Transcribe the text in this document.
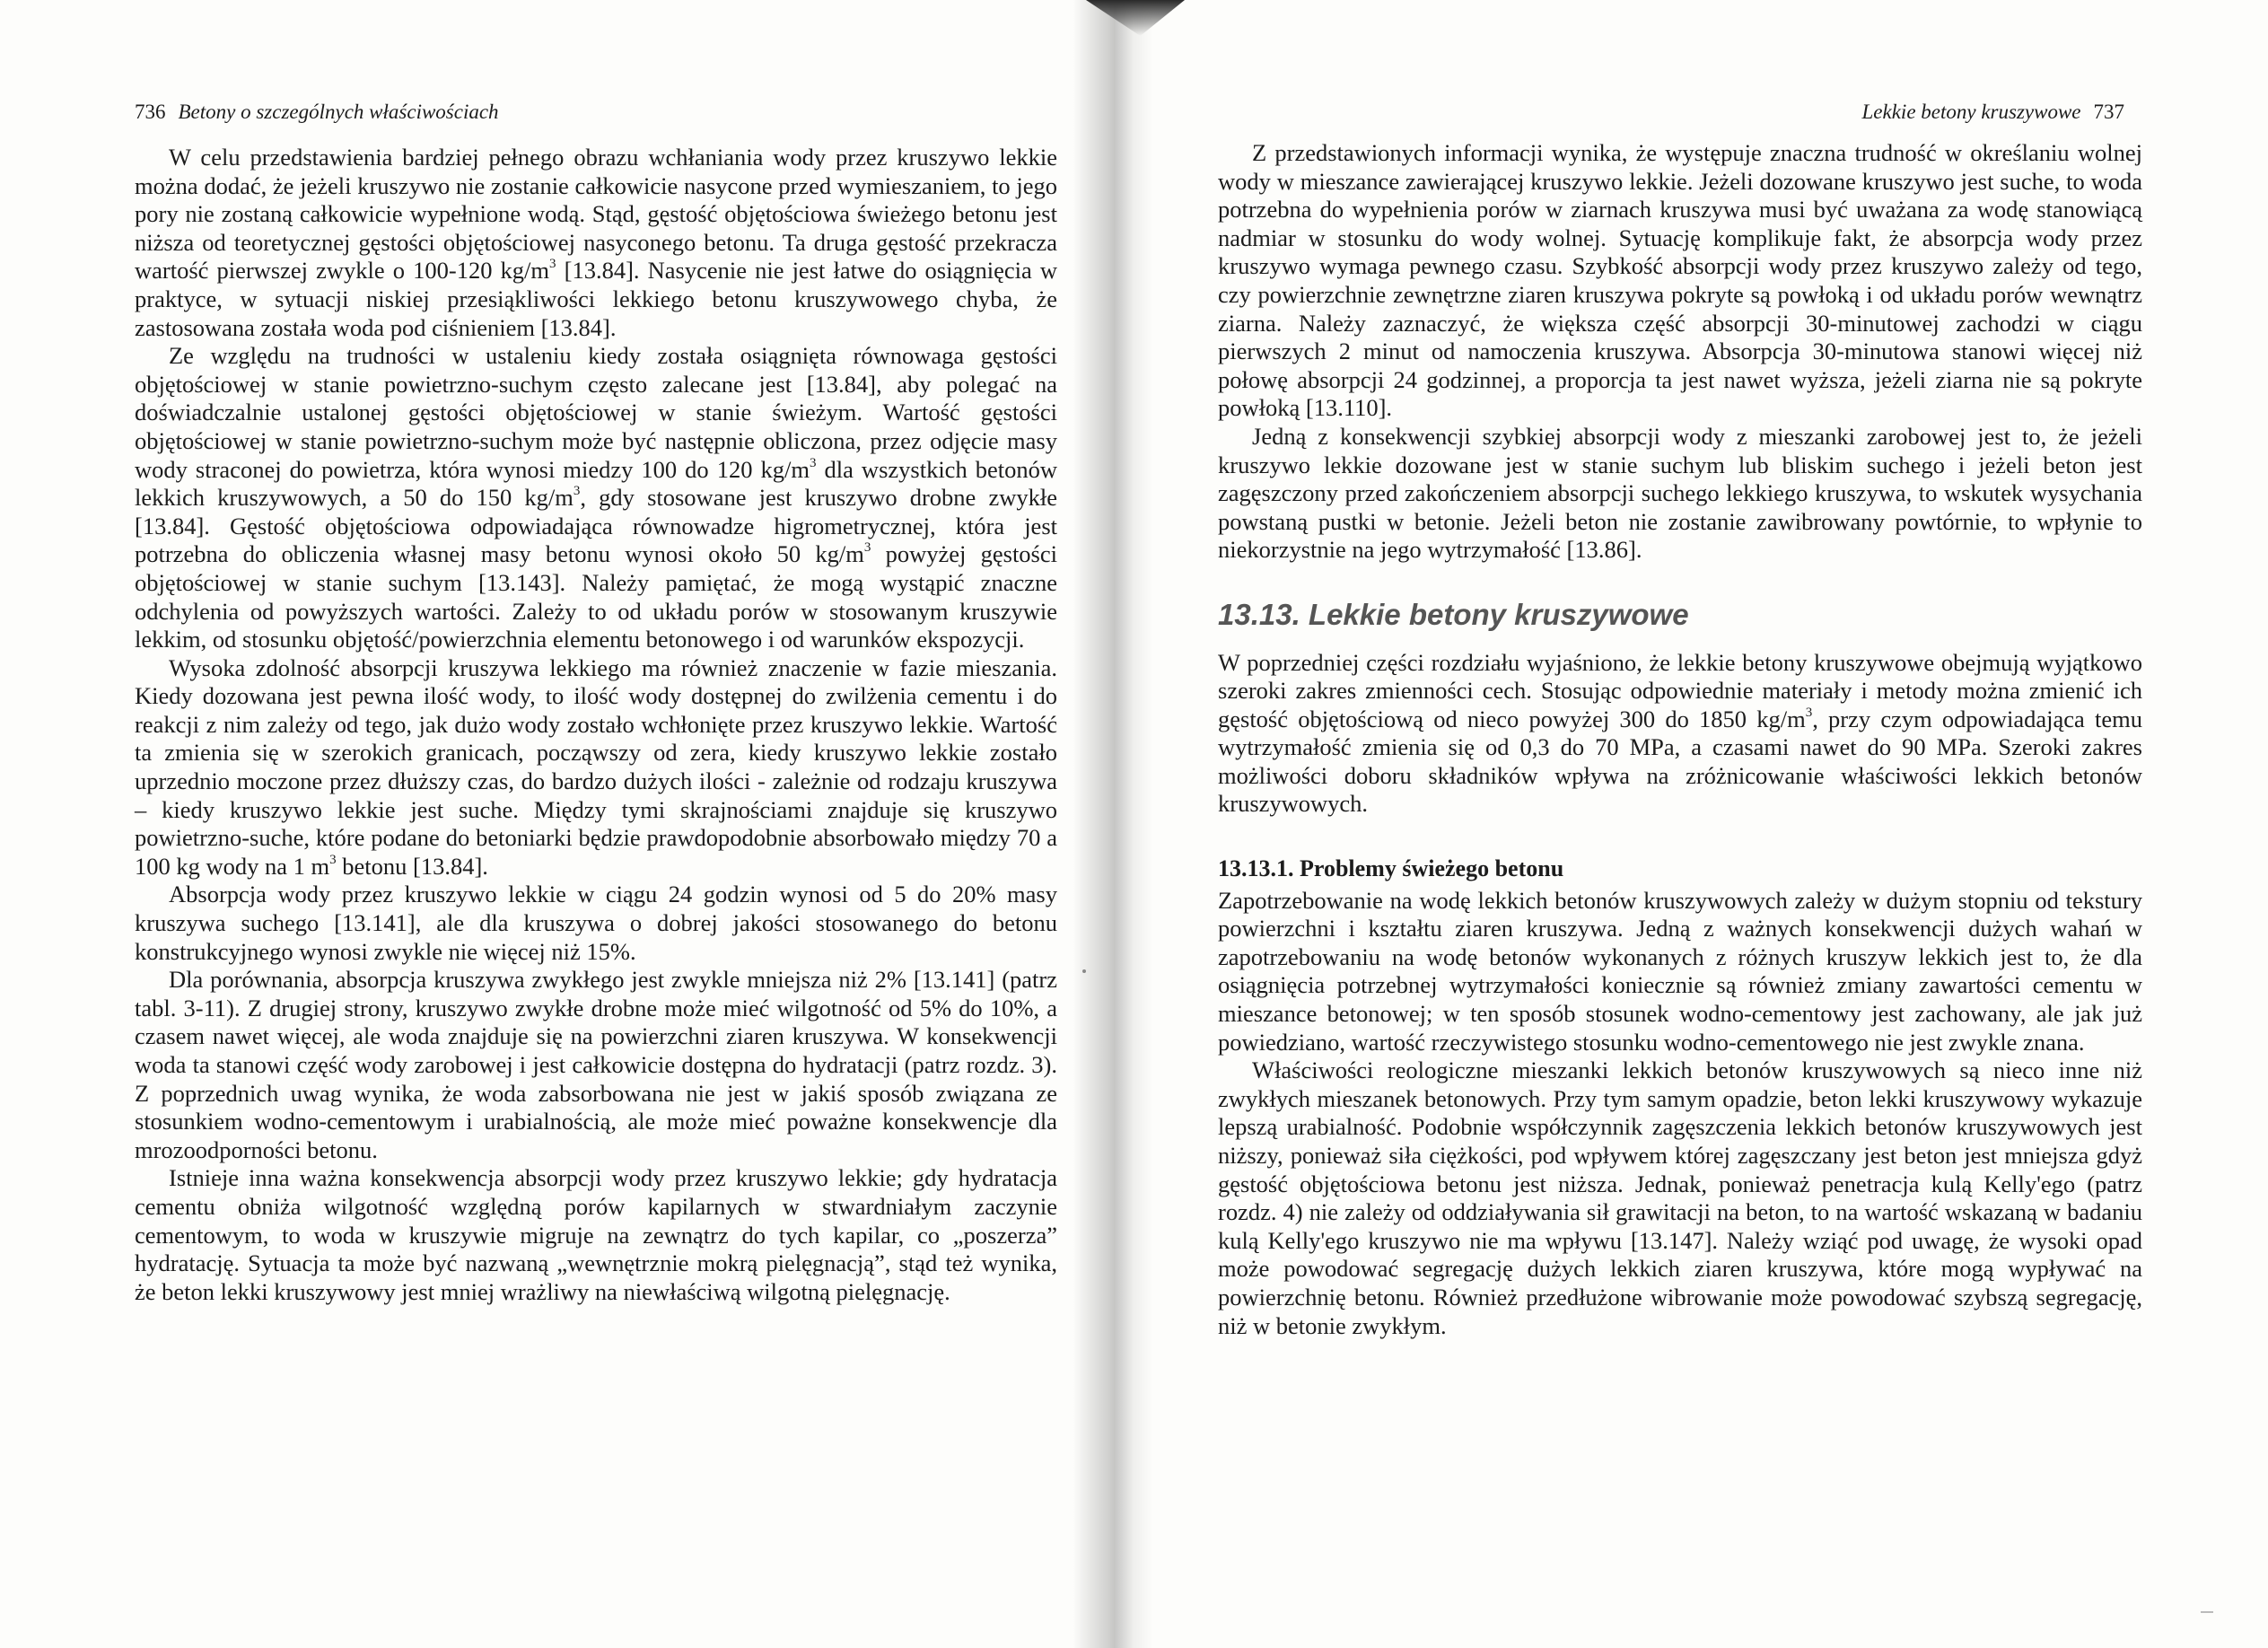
736 Betony o szczególnych właściwościach

W celu przedstawienia bardziej pełnego obrazu wchłaniania wody przez kruszywo lekkie można dodać, że jeżeli kruszywo nie zostanie całkowicie nasycone przed wymieszaniem, to jego pory nie zostaną całkowicie wypełnione wodą. Stąd, gęstość objętościowa świeżego betonu jest niższa od teoretycznej gęstości objętościowej nasyconego betonu. Ta druga gęstość przekracza wartość pierwszej zwykle o 100-120 $kg/m^3$ [13.84]. Nasycenie nie jest łatwe do osiągnięcia w praktyce, w sytuacji niskiej przesiąkliwości lekkiego betonu kruszywowego chyba, że zastosowana została woda pod ciśnieniem [13.84].

Ze względu na trudności w ustaleniu kiedy została osiągnięta równowaga gęstości objętościowej w stanie powietrzno-suchym często zalecane jest [13.84], aby polegać na doświadczalnie ustalonej gęstości objętościowej w stanie świeżym. Wartość gęstości objętościowej w stanie powietrzno-suchym może być następnie obliczona, przez odjęcie masy wody straconej do powietrza, która wynosi miedzy 100 do 120 $kg/m^3$ dla wszystkich betonów lekkich kruszywowych, a 50 do 150 $kg/m^3$, gdy stosowane jest kruszywo drobne zwykłe [13.84]. Gęstość objętościowa odpowiadająca równowadze higrometrycznej, która jest potrzebna do obliczenia własnej masy betonu wynosi około 50 $kg/m^3$ powyżej gęstości objętościowej w stanie suchym [13.143]. Należy pamiętać, że mogą wystąpić znaczne odchylenia od powyższych wartości. Zależy to od układu porów w stosowanym kruszywie lekkim, od stosunku objętość/powierzchnia elementu betonowego i od warunków ekspozycji.

Wysoka zdolność absorpcji kruszywa lekkiego ma również znaczenie w fazie mieszania. Kiedy dozowana jest pewna ilość wody, to ilość wody dostępnej do zwilżenia cementu i do reakcji z nim zależy od tego, jak dużo wody zostało wchłonięte przez kruszywo lekkie. Wartość ta zmienia się w szerokich granicach, począwszy od zera, kiedy kruszywo lekkie zostało uprzednio moczone przez dłuższy czas, do bardzo dużych ilości - zależnie od rodzaju kruszywa – kiedy kruszywo lekkie jest suche. Między tymi skrajnościami znajduje się kruszywo powietrzno-suche, które podane do betoniarki będzie prawdopodobnie absorbowało między 70 a 100 kg wody na 1 $m^3$ betonu [13.84].

Absorpcja wody przez kruszywo lekkie w ciągu 24 godzin wynosi od 5 do 20% masy kruszywa suchego [13.141], ale dla kruszywa o dobrej jakości stosowanego do betonu konstrukcyjnego wynosi zwykle nie więcej niż 15%.

Dla porównania, absorpcja kruszywa zwykłego jest zwykle mniejsza niż 2% [13.141] (patrz tabl. 3-11). Z drugiej strony, kruszywo zwykłe drobne może mieć wilgotność od 5% do 10%, a czasem nawet więcej, ale woda znajduje się na powierzchni ziaren kruszywa. W konsekwencji woda ta stanowi część wody zarobowej i jest całkowicie dostępna do hydratacji (patrz rozdz. 3). Z poprzednich uwag wynika, że woda zabsorbowana nie jest w jakiś sposób związana ze stosunkiem wodno-cementowym i urabialnością, ale może mieć poważne konsekwencje dla mrozoodporności betonu.

Istnieje inna ważna konsekwencja absorpcji wody przez kruszywo lekkie; gdy hydratacja cementu obniża wilgotność względną porów kapilarnych w stwardniałym zaczynie cementowym, to woda w kruszywie migruje na zewnątrz do tych kapilar, co „poszerza” hydratację. Sytuacja ta może być nazwaną „wewnętrznie mokrą pielęgnacją”, stąd też wynika, że beton lekki kruszywowy jest mniej wrażliwy na niewłaściwą wilgotną pielęgnację.

Lekkie betony kruszywowe 737

Z przedstawionych informacji wynika, że występuje znaczna trudność w określaniu wolnej wody w mieszance zawierającej kruszywo lekkie. Jeżeli dozowane kruszywo jest suche, to woda potrzebna do wypełnienia porów w ziarnach kruszywa musi być uważana za wodę stanowiącą nadmiar w stosunku do wody wolnej. Sytuację komplikuje fakt, że absorpcja wody przez kruszywo wymaga pewnego czasu. Szybkość absorpcji wody przez kruszywo zależy od tego, czy powierzchnie zewnętrzne ziaren kruszywa pokryte są powłoką i od układu porów wewnątrz ziarna. Należy zaznaczyć, że większa część absorpcji 30-minutowej zachodzi w ciągu pierwszych 2 minut od namoczenia kruszywa. Absorpcja 30-minutowa stanowi więcej niż połowę absorpcji 24 godzinnej, a proporcja ta jest nawet wyższa, jeżeli ziarna nie są pokryte powłoką [13.110].

Jedną z konsekwencji szybkiej absorpcji wody z mieszanki zarobowej jest to, że jeżeli kruszywo lekkie dozowane jest w stanie suchym lub bliskim suchego i jeżeli beton jest zagęszczony przed zakończeniem absorpcji suchego lekkiego kruszywa, to wskutek wysychania powstaną pustki w betonie. Jeżeli beton nie zostanie zawibrowany powtórnie, to wpłynie to niekorzystnie na jego wytrzymałość [13.86].

13.13. Lekkie betony kruszywowe

W poprzedniej części rozdziału wyjaśniono, że lekkie betony kruszywowe obejmują wyjątkowo szeroki zakres zmienności cech. Stosując odpowiednie materiały i metody można zmienić ich gęstość objętościową od nieco powyżej 300 do 1850 $kg/m^3$, przy czym odpowiadająca temu wytrzymałość zmienia się od 0,3 do 70 MPa, a czasami nawet do 90 MPa. Szeroki zakres możliwości doboru składników wpływa na zróżnicowanie właściwości lekkich betonów kruszywowych.

13.13.1. Problemy świeżego betonu

Zapotrzebowanie na wodę lekkich betonów kruszywowych zależy w dużym stopniu od tekstury powierzchni i kształtu ziaren kruszywa. Jedną z ważnych konsekwencji dużych wahań w zapotrzebowaniu na wodę betonów wykonanych z różnych kruszyw lekkich jest to, że dla osiągnięcia potrzebnej wytrzymałości koniecznie są również zmiany zawartości cementu w mieszance betonowej; w ten sposób stosunek wodno-cementowy jest zachowany, ale jak już powiedziano, wartość rzeczywistego stosunku wodno-cementowego nie jest zwykle znana.

Właściwości reologiczne mieszanki lekkich betonów kruszywowych są nieco inne niż zwykłych mieszanek betonowych. Przy tym samym opadzie, beton lekki kruszywowy wykazuje lepszą urabialność. Podobnie współczynnik zagęszczenia lekkich betonów kruszywowych jest niższy, ponieważ siła ciężkości, pod wpływem której zagęszczany jest beton jest mniejsza gdyż gęstość objętościowa betonu jest niższa. Jednak, ponieważ penetracja kulą Kelly'ego (patrz rozdz. 4) nie zależy od oddziaływania sił grawitacji na beton, to na wartość wskazaną w badaniu kulą Kelly'ego kruszywo nie ma wpływu [13.147]. Należy wziąć pod uwagę, że wysoki opad może powodować segregację dużych lekkich ziaren kruszywa, które mogą wypływać na powierzchnię betonu. Również przedłużone wibrowanie może powodować szybszą segregację, niż w betonie zwykłym.
